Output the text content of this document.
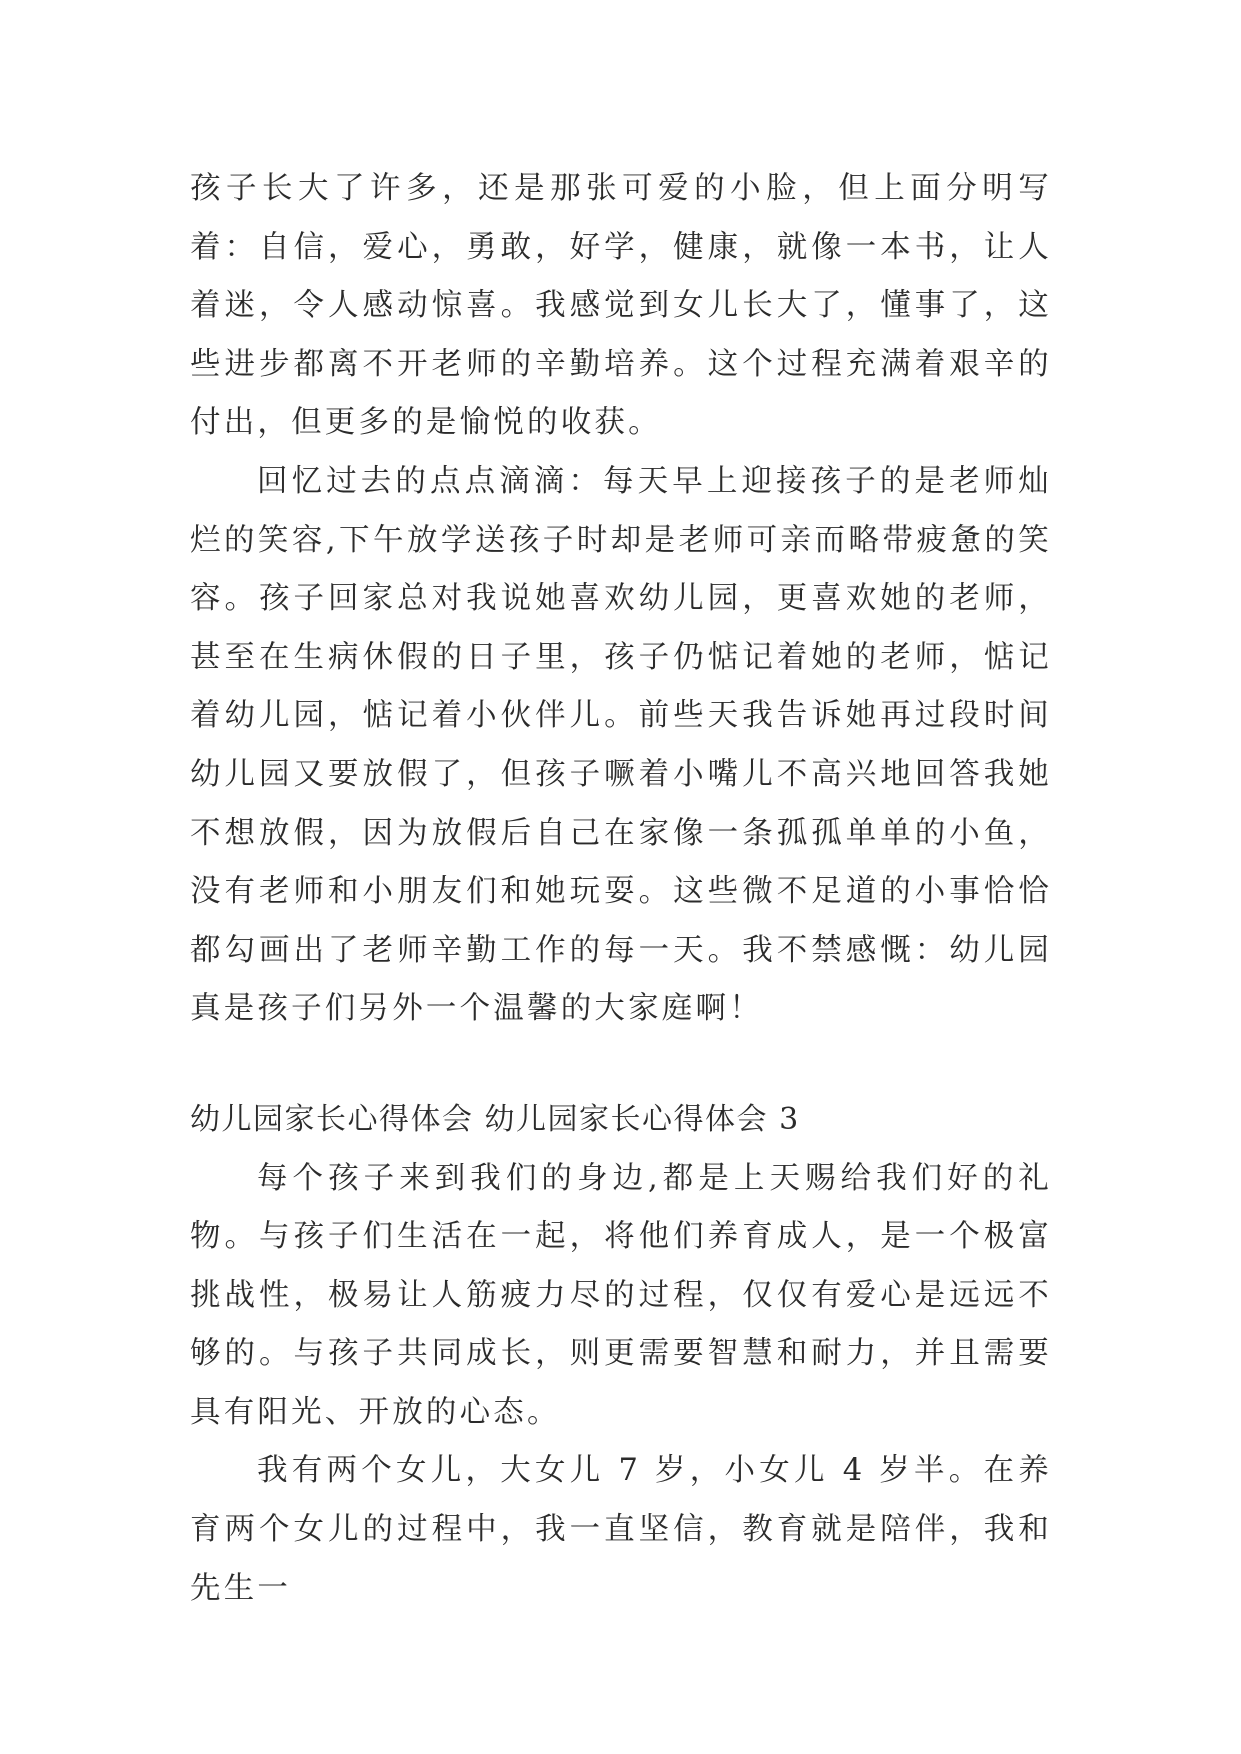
孩子长大了许多，还是那张可爱的小脸，但上面分明写着：自信，爱心，勇敢，好学，健康，就像一本书，让人着迷，令人感动惊喜。我感觉到女儿长大了，懂事了，这些进步都离不开老师的辛勤培养。这个过程充满着艰辛的付出，但更多的是愉悦的收获。

回忆过去的点点滴滴：每天早上迎接孩子的是老师灿烂的笑容,下午放学送孩子时却是老师可亲而略带疲惫的笑容。孩子回家总对我说她喜欢幼儿园，更喜欢她的老师，甚至在生病休假的日子里，孩子仍惦记着她的老师，惦记着幼儿园，惦记着小伙伴儿。前些天我告诉她再过段时间幼儿园又要放假了，但孩子噘着小嘴儿不高兴地回答我她不想放假，因为放假后自己在家像一条孤孤单单的小鱼，没有老师和小朋友们和她玩耍。这些微不足道的小事恰恰都勾画出了老师辛勤工作的每一天。我不禁感慨：幼儿园真是孩子们另外一个温馨的大家庭啊！

幼儿园家长心得体会 幼儿园家长心得体会 3

每个孩子来到我们的身边,都是上天赐给我们好的礼物。与孩子们生活在一起，将他们养育成人，是一个极富挑战性，极易让人筋疲力尽的过程，仅仅有爱心是远远不够的。与孩子共同成长，则更需要智慧和耐力，并且需要具有阳光、开放的心态。

我有两个女儿，大女儿 7 岁，小女儿 4 岁半。在养育两个女儿的过程中，我一直坚信，教育就是陪伴，我和先生一
